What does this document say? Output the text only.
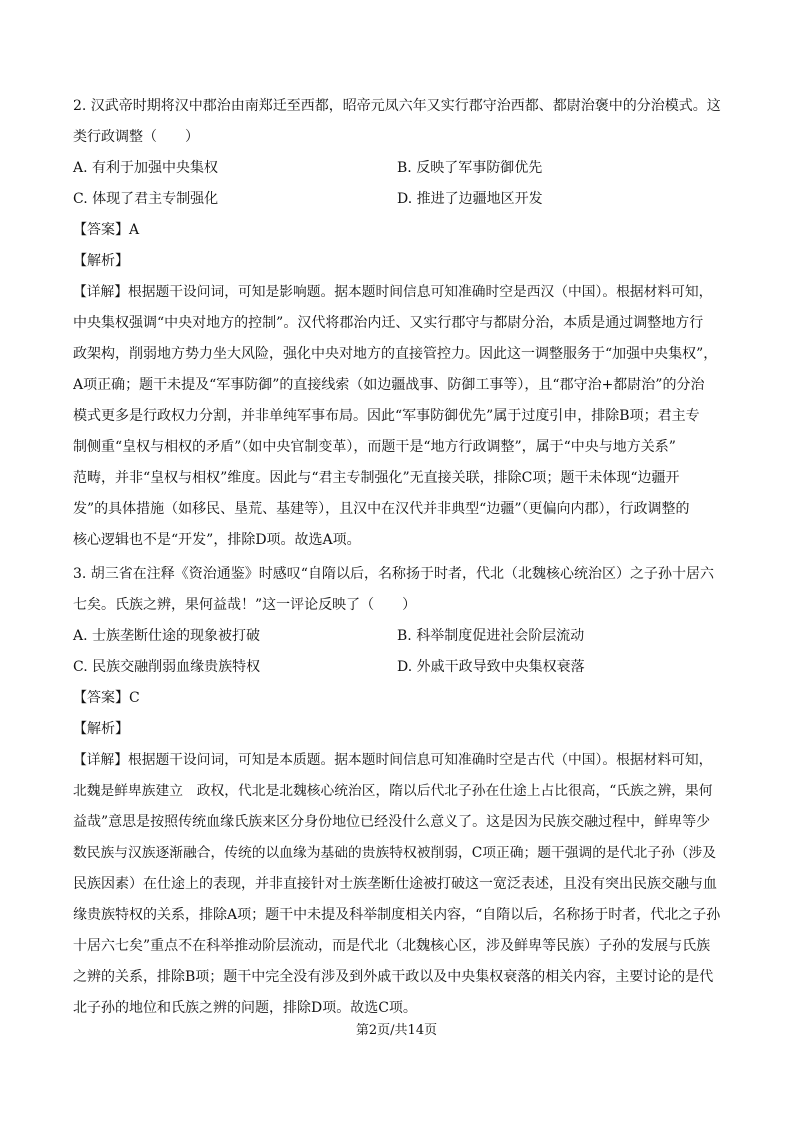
2. 汉武帝时期将汉中郡治由南郑迁至西都，昭帝元凤六年又实行郡守治西都、都尉治褒中的分治模式。这
类行政调整（　　）
A. 有利于加强中央集权	B. 反映了军事防御优先
C. 体现了君主专制强化	D. 推进了边疆地区开发
【答案】A
【解析】
【详解】根据题干设问词，可知是影响题。据本题时间信息可知准确时空是西汉（中国）。根据材料可知，
中央集权强调“中央对地方的控制”。汉代将郡治内迁、又实行郡守与都尉分治，本质是通过调整地方行
政架构，削弱地方势力坐大风险，强化中央对地方的直接管控力。因此这一调整服务于“加强中央集权”，
A项正确；题干未提及“军事防御”的直接线索（如边疆战事、防御工事等），且“郡守治+都尉治”的分治
模式更多是行政权力分割，并非单纯军事布局。因此“军事防御优先”属于过度引申，排除B项；君主专
制侧重“皇权与相权的矛盾”（如中央官制变革），而题干是“地方行政调整”，属于“中央与地方关系”
范畴，并非“皇权与相权”维度。因此与“君主专制强化”无直接关联，排除C项；题干未体现“边疆开
发”的具体措施（如移民、垦荒、基建等），且汉中在汉代并非典型“边疆”（更偏向内郡），行政调整的
核心逻辑也不是“开发”，排除D项。故选A项。
3. 胡三省在注释《资治通鉴》时感叹“自隋以后，名称扬于时者，代北（北魏核心统治区）之子孙十居六
七矣。氏族之辨，果何益哉！”这一评论反映了（　　）
A. 士族垄断仕途的现象被打破	B. 科举制度促进社会阶层流动
C. 民族交融削弱血缘贵族特权	D. 外戚干政导致中央集权衰落
【答案】C
【解析】
【详解】根据题干设问词，可知是本质题。据本题时间信息可知准确时空是古代（中国）。根据材料可知，
北魏是鲜卑族建立　政权，代北是北魏核心统治区，隋以后代北子孙在仕途上占比很高，“氏族之辨，果何
益哉”意思是按照传统血缘氏族来区分身份地位已经没什么意义了。这是因为民族交融过程中，鲜卑等少
数民族与汉族逐渐融合，传统的以血缘为基础的贵族特权被削弱，C项正确；题干强调的是代北子孙（涉及
民族因素）在仕途上的表现，并非直接针对士族垄断仕途被打破这一宽泛表述，且没有突出民族交融与血
缘贵族特权的关系，排除A项；题干中未提及科举制度相关内容，“自隋以后，名称扬于时者，代北之子孙
十居六七矣”重点不在科举推动阶层流动，而是代北（北魏核心区，涉及鲜卑等民族）子孙的发展与氏族
之辨的关系，排除B项；题干中完全没有涉及到外戚干政以及中央集权衰落的相关内容，主要讨论的是代
北子孙的地位和氏族之辨的问题，排除D项。故选C项。
第2页/共14页
